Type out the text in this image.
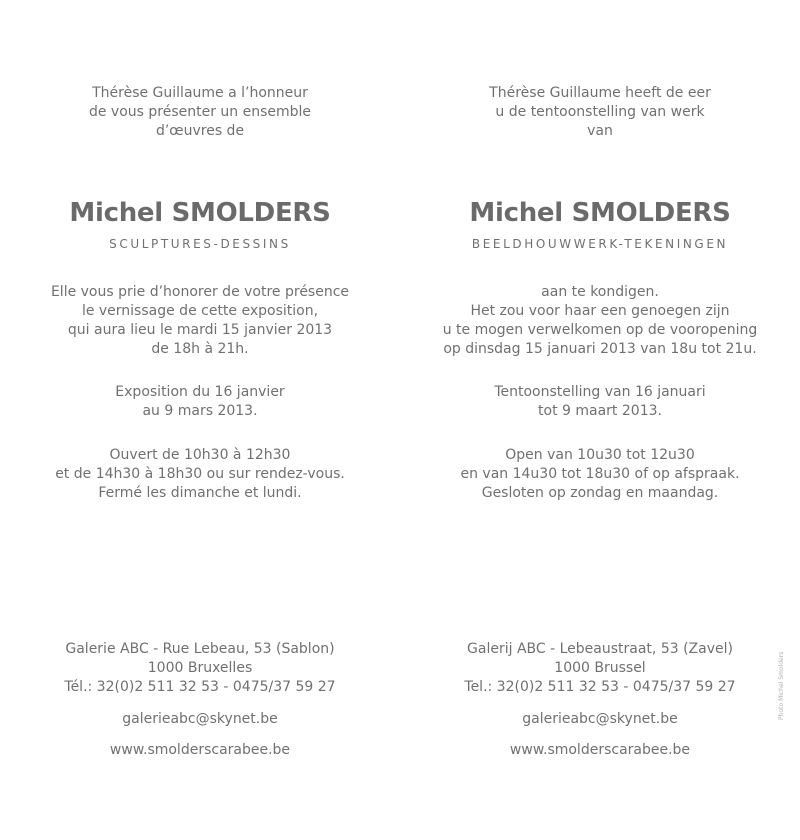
Thérèse Guillaume a l’honneur
de vous présenter un ensemble
d’œuvres de
Michel SMOLDERS
SCULPTURES-DESSINS
Elle vous prie d’honorer de votre présence
le vernissage de cette exposition,
qui aura lieu le mardi 15 janvier 2013
de 18h à 21h.
Exposition du 16 janvier
au 9 mars 2013.
Ouvert de 10h30 à 12h30
et de 14h30 à 18h30 ou sur rendez-vous.
Fermé les dimanche et lundi.
Galerie ABC - Rue Lebeau, 53 (Sablon)
1000 Bruxelles
Tél.: 32(0)2 511 32 53 - 0475/37 59 27
galerieabc@skynet.be
www.smolderscarabee.be
Thérèse Guillaume heeft de eer
u de tentoonstelling van werk
van
Michel SMOLDERS
BEELDHOUWWERK-TEKENINGEN
aan te kondigen.
Het zou voor haar een genoegen zijn
u te mogen verwelkomen op de vooropening
op dinsdag 15 januari 2013 van 18u tot 21u.
Tentoonstelling van 16 januari
tot 9 maart 2013.
Open van 10u30 tot 12u30
en van 14u30 tot 18u30 of op afspraak.
Gesloten op zondag en maandag.
Galerij ABC - Lebeaustraat, 53 (Zavel)
1000 Brussel
Tel.: 32(0)2 511 32 53 - 0475/37 59 27
galerieabc@skynet.be
www.smolderscarabee.be
Photo Michel Smolders
